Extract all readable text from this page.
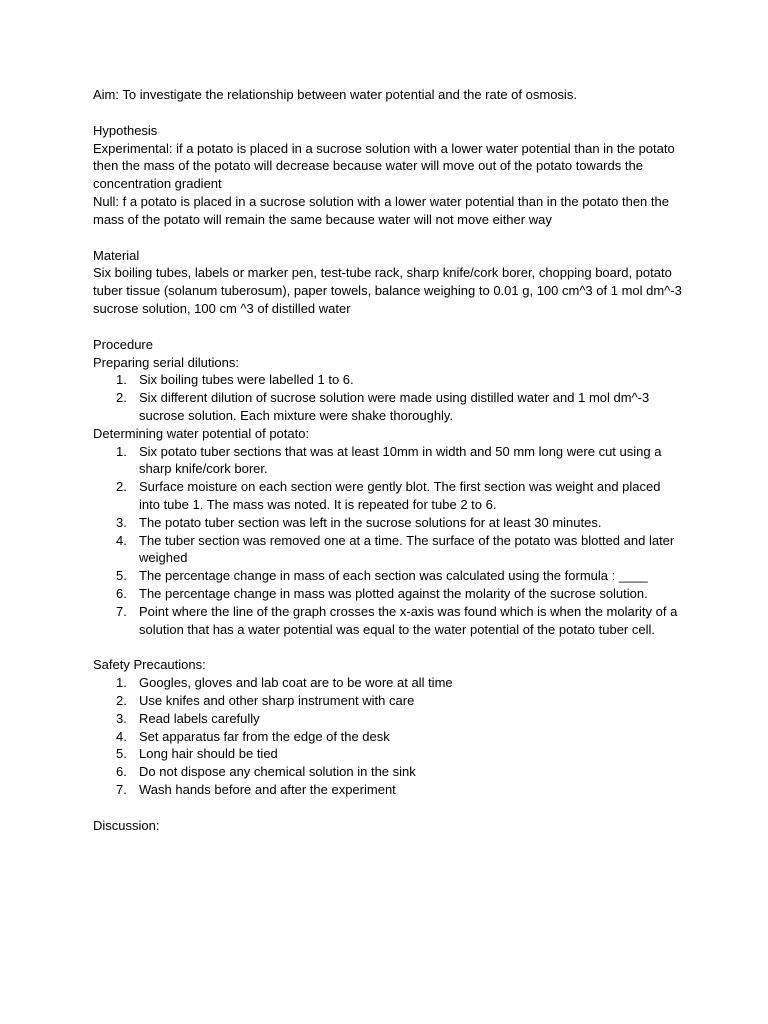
Aim: To investigate the relationship between water potential and the rate of osmosis.

Hypothesis

Experimental: if a potato is placed in a sucrose solution with a lower water potential than in the potato then the mass of the potato will decrease because water will move out of the potato towards the concentration gradient

Null: f a potato is placed in a sucrose solution with a lower water potential than in the potato then the mass of the potato will remain the same because water will not move either way

Material

Six boiling tubes, labels or marker pen, test-tube rack, sharp knife/cork borer, chopping board, potato tuber tissue (solanum tuberosum), paper towels, balance weighing to 0.01 g, 100 cm^3 of 1 mol dm^-3 sucrose solution, 100 cm ^3 of distilled water

Procedure

Preparing serial dilutions:

1. Six boiling tubes were labelled 1 to 6.
2. Six different dilution of sucrose solution were made using distilled water and 1 mol dm^-3 sucrose solution. Each mixture were shake thoroughly.

Determining water potential of potato:

1. Six potato tuber sections that was at least 10mm in width and 50 mm long were cut using a sharp knife/cork borer.
2. Surface moisture on each section were gently blot. The first section was weight and placed into tube 1. The mass was noted. It is repeated for tube 2 to 6.
3. The potato tuber section was left in the sucrose solutions for at least 30 minutes.
4. The tuber section was removed one at a time. The surface of the potato was blotted and later weighed
5. The percentage change in mass of each section was calculated using the formula : ____
6. The percentage change in mass was plotted against the molarity of the sucrose solution.
7. Point where the line of the graph crosses the x-axis was found which is when the molarity of a solution that has a water potential was equal to the water potential of the potato tuber cell.

Safety Precautions:

1. Googles, gloves and lab coat are to be wore at all time
2. Use knifes and other sharp instrument with care
3. Read labels carefully
4. Set apparatus far from the edge of the desk
5. Long hair should be tied
6. Do not dispose any chemical solution in the sink
7. Wash hands before and after the experiment

Discussion:
